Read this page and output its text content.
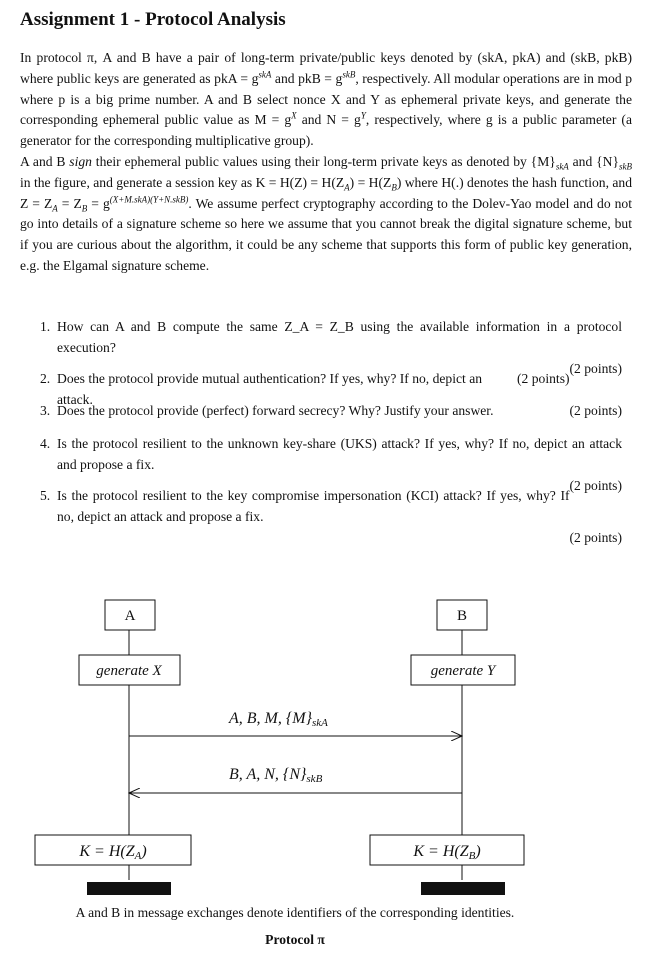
Assignment 1 - Protocol Analysis

In protocol π, A and B have a pair of long-term private/public keys denoted by (skA, pkA) and (skB, pkB) where public keys are generated as pkA = $g^{skA}$ and pkB = $g^{skB}$, respectively. All modular operations are in mod p where p is a big prime number. A and B select nonce X and Y as ephemeral private keys, and generate the corresponding ephemeral public value as $M = g^X$ and $N = g^Y$, respectively, where g is a public parameter (a generator for the corresponding multiplicative group).
A and B sign their ephemeral public values using their long-term private keys as denoted by $\{M\}_{skA}$ and $\{N\}_{skB}$ in the figure, and generate a session key as $K = H(Z) = H(Z_A) = H(Z_B)$ where H(.) denotes the hash function, and $Z = Z_A = Z_B = g^{(X+M.skA)(Y+N.skB)}$. We assume perfect cryptography according to the Dolev-Yao model and do not go into details of a signature scheme so here we assume that you cannot break the digital signature scheme, but if you are curious about the algorithm, it could be any scheme that supports this form of public key generation, e.g. the Elgamal signature scheme.

1. How can A and B compute the same Z_A = Z_B using the available information in a protocol execution?
(2 points)
2.	(2 points)
Does the protocol provide mutual authentication? If yes, why? If no, depict an attack.
3.	(2 points)
Does the protocol provide (perfect) forward secrecy? Why? Justify your answer.
4. Is the protocol resilient to the unknown key-share (UKS) attack? If yes, why? If no, depict an attack and propose a fix.
(2 points)
5. Is the protocol resilient to the key compromise impersonation (KCI) attack? If yes, why? If no, depict an attack and propose a fix.
(2 points)
A	B
generate X	generate Y
A, B, M, {M}skA
B, A, N, {N}skB
K = H(ZA)	K = H(ZB)
A and B in message exchanges denote identifiers of the corresponding identities.
Protocol π
